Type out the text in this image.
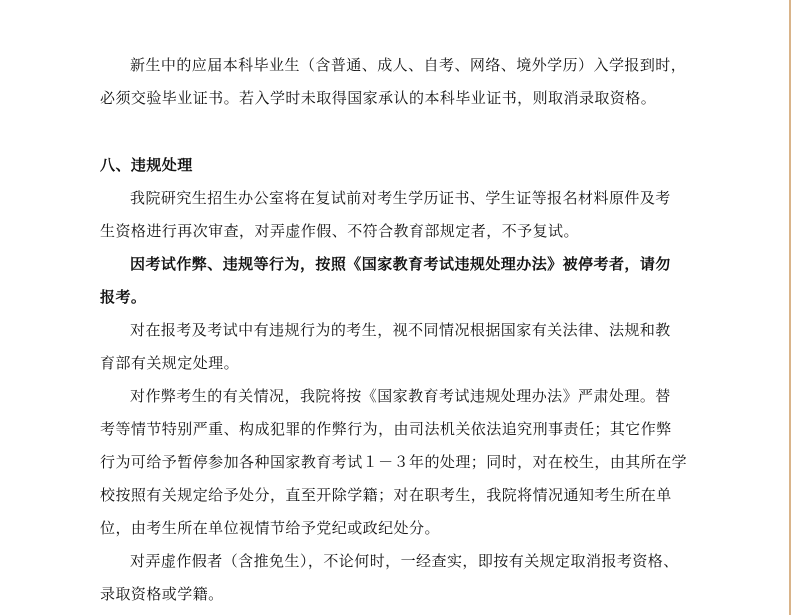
新生中的应届本科毕业生（含普通、成人、自考、网络、境外学历）入学报到时，
必须交验毕业证书。若入学时未取得国家承认的本科毕业证书，则取消录取资格。
八、违规处理
我院研究生招生办公室将在复试前对考生学历证书、学生证等报名材料原件及考
生资格进行再次审查，对弄虚作假、不符合教育部规定者，不予复试。
因考试作弊、违规等行为，按照《国家教育考试违规处理办法》被停考者，请勿
报考。
对在报考及考试中有违规行为的考生，视不同情况根据国家有关法律、法规和教
育部有关规定处理。
对作弊考生的有关情况，我院将按《国家教育考试违规处理办法》严肃处理。替
考等情节特别严重、构成犯罪的作弊行为，由司法机关依法追究刑事责任；其它作弊
行为可给予暂停参加各种国家教育考试１－３年的处理；同时，对在校生，由其所在学
校按照有关规定给予处分，直至开除学籍；对在职考生，我院将情况通知考生所在单
位，由考生所在单位视情节给予党纪或政纪处分。
对弄虚作假者（含推免生），不论何时，一经查实，即按有关规定取消报考资格、
录取资格或学籍。
